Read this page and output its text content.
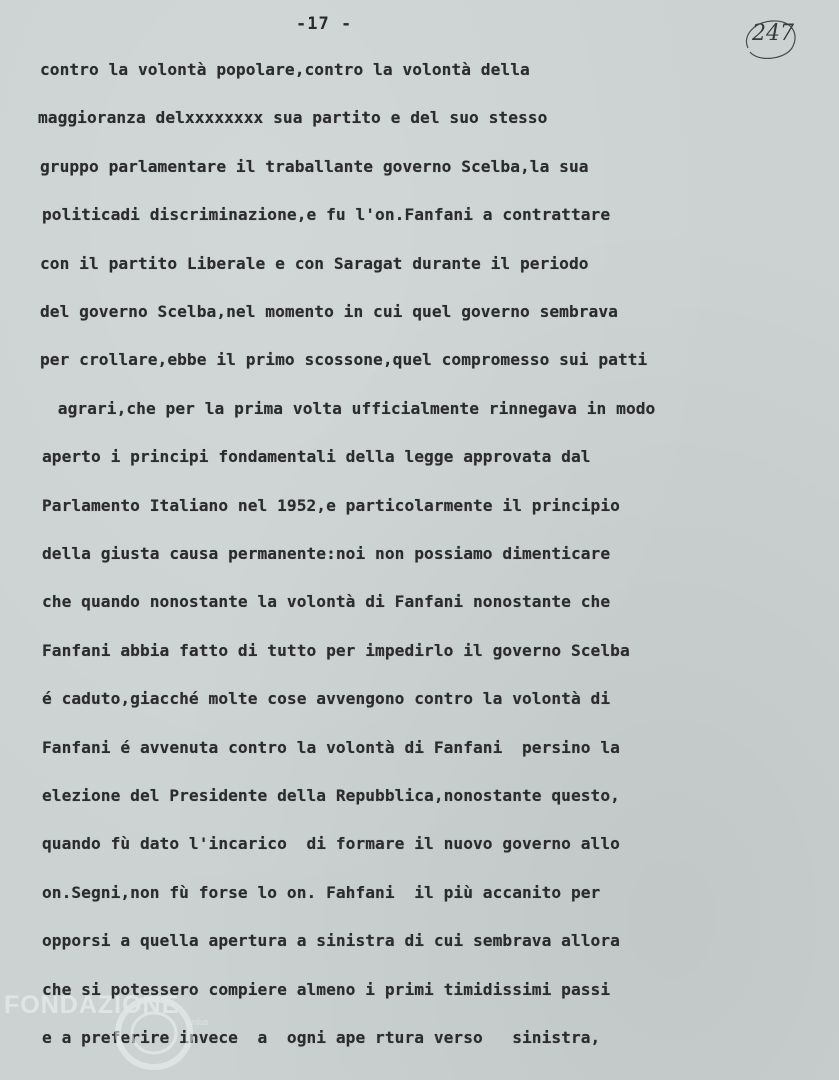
-17 -	247
contro la volontà popolare,contro la volontà della
maggioranza delxxxxxxxx sua partito e del suo stesso
gruppo parlamentare il traballante governo Scelba,la sua
politicadi discriminazione,e fu l'on.Fanfani a contrattare
con il partito Liberale e con Saragat durante il periodo
del governo Scelba,nel momento in cui quel governo sembrava
per crollare,ebbe il primo scossone,quel compromesso sui patti
agrari,che per la prima volta ufficialmente rinnegava in modo
aperto i principi fondamentali della legge approvata dal
Parlamento Italiano nel 1952,e particolarmente il principio
della giusta causa permanente:noi non possiamo dimenticare
che quando nonostante la volontà di Fanfani nonostante che
Fanfani abbia fatto di tutto per impedirlo il governo Scelba
é caduto,giacché molte cose avvengono contro la volontà di
Fanfani é avvenuta contro la volontà di Fanfani  persino la
elezione del Presidente della Repubblica,nonostante questo,
quando fù dato l'incarico  di formare il nuovo governo allo
on.Segni,non fù forse lo on. Fahfani  il più accanito per
opporsi a quella apertura a sinistra di cui sembrava allora
che si potessero compiere almeno i primi timidissimi passi
e a preferire invece  a  ogni ape rtura verso   sinistra,
FONDAZIONE
onlus
